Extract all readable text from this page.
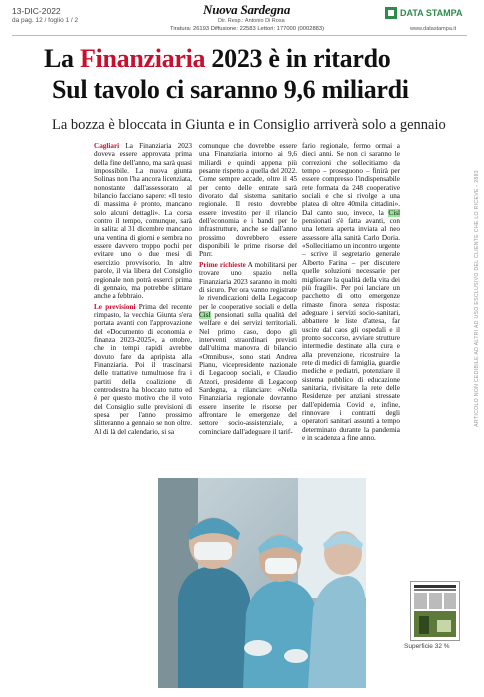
13-DIC-2022
da pag. 12 / foglio 1 / 2
Nuova Sardegna
Dir. Resp.: Antonio Di Rosa
Tiratura: 26193 Diffusione: 22583 Lettori: 177000 (0002883)
DATA STAMPA
www.datastampa.it
La Finanziaria 2023 è in ritardo
Sul tavolo ci saranno 9,6 miliardi
La bozza è bloccata in Giunta e in Consiglio arriverà solo a gennaio

Cagliari La Finanziaria 2023 doveva essere approvata prima della fine dell'anno, ma sarà quasi impossibile. La nuova giunta Solinas non l'ha ancora licenziata, nonostante dall'assessorato al bilancio facciano sapere: «Il testo di massima è pronto, mancano solo alcuni dettagli». La corsa contro il tempo, comunque, sarà in salita: al 31 dicembre mancano una ventina di giorni e sembra no essere davvero troppo pochi per evitare uno o due mesi di esercizio provvisorio. In altre parole, il via libera del Consiglio regionale non potrà esserci prima di gennaio, ma potrebbe slittare anche a febbraio.

Le previsioni Prima del recente rimpasto, la vecchia Giunta s'era portata avanti con l'approvazione del «Documento di economia e finanza 2023-2025», a ottobre, che in tempi rapidi avrebbe dovuto fare da apripista alla Finanziaria. Poi il trascinarsi delle trattative tumultuose fra i partiti della coalizione di centrodestra ha bloccato tutto ed è per questo motivo che il voto del Consiglio sulle previsioni di spesa per l'anno prossimo slitteranno a gennaio se non oltre. Al di là del calendario, si sa

comunque che dovrebbe essere una Finanziaria intorno ai 9,6 miliardi e quindi appena più pesante rispetto a quella del 2022. Come sempre accade, oltre il 45 per cento delle entrate sarà divorato dal sistema sanitario regionale. Il resto dovrebbe essere investito per il rilancio dell'economia e i bandi per le infrastrutture, anche se dall'anno prossimo dovrebbero essere disponibili le prime risorse del Pnrr.

Prime richieste A mobilitarsi per trovare uno spazio nella Finanziaria 2023 saranno in molti di sicuro. Per ora vanno registrate le rivendicazioni della Legacoop per le cooperative sociali e della Cisl pensionati sulla qualità del welfare e dei servizi territoriali. Nel primo caso, dopo gli interventi straordinari previsti dall'ultima manovra di bilancio «Omnibus», sono stati Andrea Pianu, vicepresidente nazionale di Legacoop sociali, e Claudio Atzori, presidente di Legacoop Sardegna, a rilanciare: «Nella Finanziaria regionale dovranno essere inserite le risorse per affrontare le emergenze del settore socio-assistenziale, a cominciare dall'adeguare il tarif-

fario regionale, fermo ormai a dieci anni. Se non ci saranno le correzioni che sollecitiamo da tempo – proseguono – finirà per essere compresso l'indispensabile rete formata da 248 cooperative sociali e che si rivolge a una platea di oltre 40mila cittadini». Dal canto suo, invece, la Cisl pensionati s'è fatta avanti, con una lettera aperta inviata al neo assessore alla sanità Carlo Doria. «Sollecitiamo un incontro urgente – scrive il segretario generale Alberto Farina – per discutere quelle soluzioni necessarie per migliorare la qualità della vita dei più fragili». Per poi lanciare un pacchetto di otto emergenze rimaste finora senza risposta: adeguare i servizi socio-sanitari, abbattere le liste d'attesa, far uscire dal caos gli ospedali e il pronto soccorso, avviare strutture intermedie destinate alla cura e alla prevenzione, ricostruire la rete di medici di famiglia, guardie mediche e pediatri, potenziare il sistema pubblico di educazione sanitaria, rivisitare la rete delle Residenze per anziani stressate dall'epidemia Covid e, infine, rinnovare i contratti degli operatori sanitari assunti a tempo determinato durante la pandemia e in scadenza a fine anno.

ARTICOLO NON CEDIBILE AD ALTRI AD USO ESCLUSIVO DEL CLIENTE CHE LO RICEVE - 2883
Superficie 32 %
